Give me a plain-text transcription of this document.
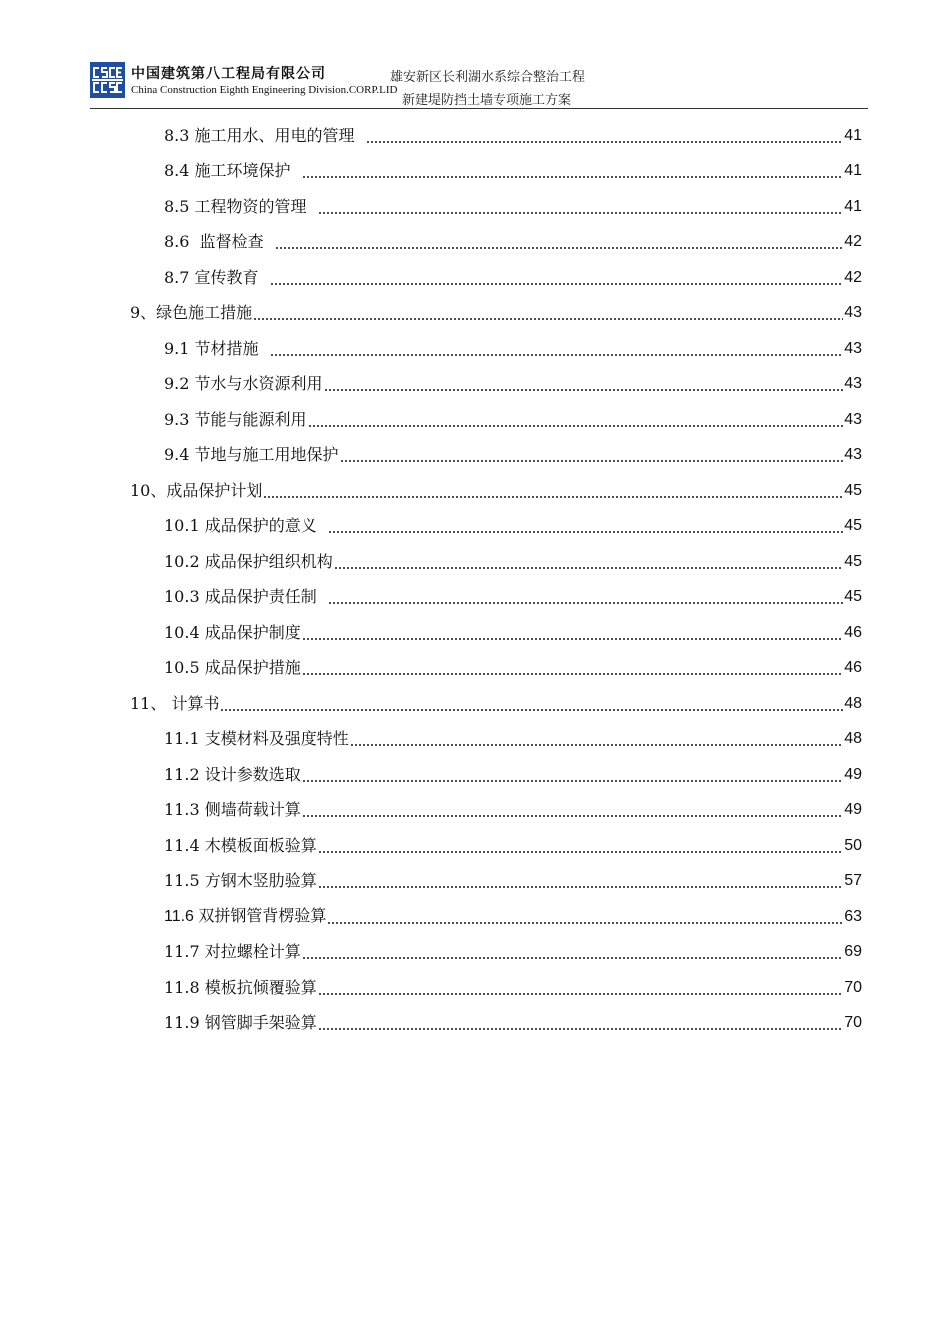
中国建筑第八工程局有限公司
China Construction Eighth Engineering Division.CORP.LID
雄安新区长利湖水系综合整治工程
新建堤防挡土墙专项施工方案
8.3 施工用水、用电的管理	41
8.4 施工环境保护	41
8.5 工程物资的管理	41
8.6  监督检查	42
8.7 宣传教育	42
9、绿色施工措施	43
9.1 节材措施	43
9.2 节水与水资源利用	43
9.3 节能与能源利用	43
9.4 节地与施工用地保护	43
10、成品保护计划	45
10.1 成品保护的意义	45
10.2 成品保护组织机构	45
10.3 成品保护责任制	45
10.4 成品保护制度	46
10.5 成品保护措施	46
11、 计算书	48
11.1 支模材料及强度特性	48
11.2 设计参数选取	49
11.3 侧墙荷载计算	49
11.4 木模板面板验算	50
11.5 方钢木竖肋验算	57
11.6 双拼钢管背楞验算	63
11.7 对拉螺栓计算	69
11.8 模板抗倾覆验算	70
11.9 钢管脚手架验算	70
